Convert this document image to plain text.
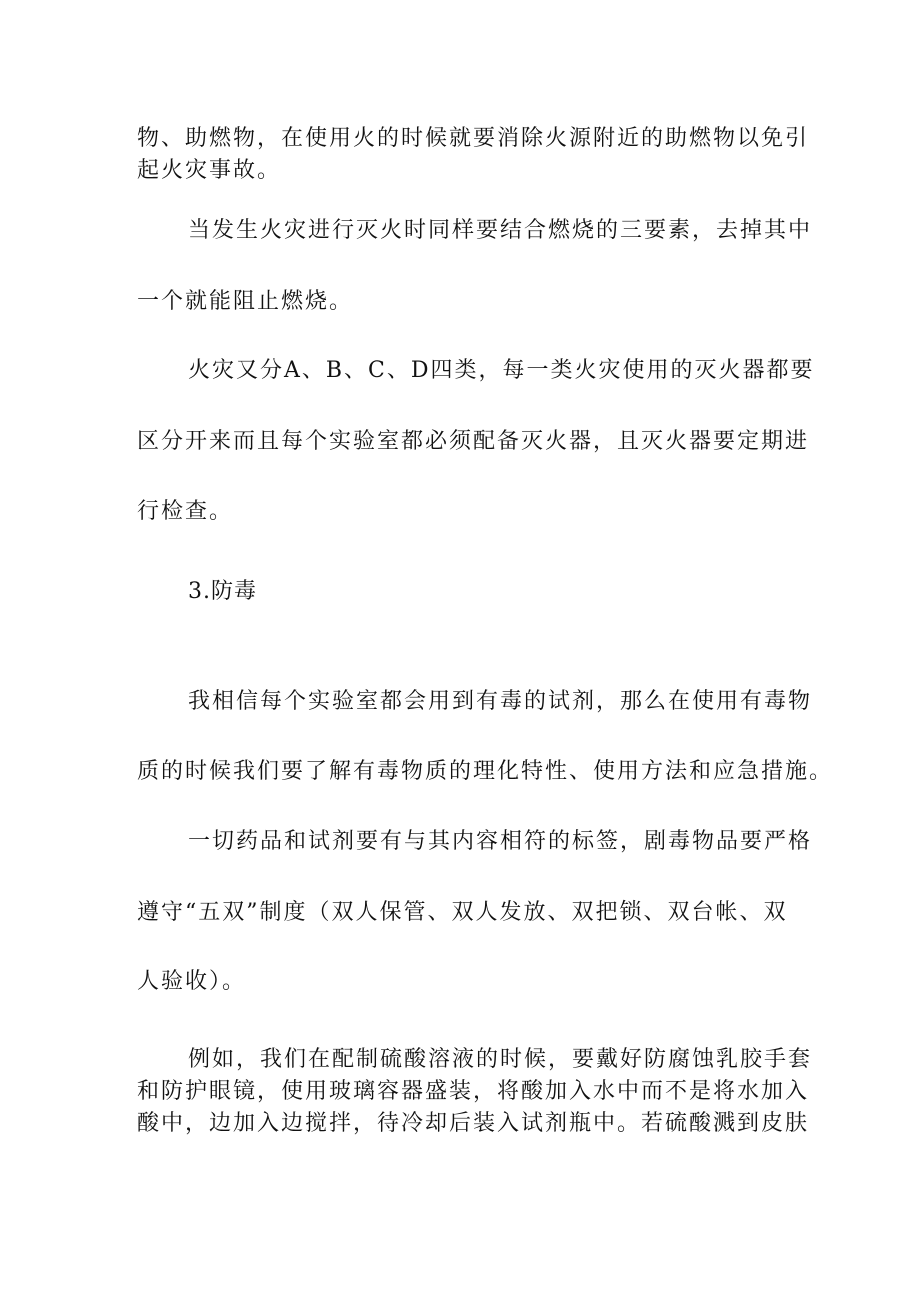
物、助燃物，在使用火的时候就要消除火源附近的助燃物以免引
起火灾事故。
当发生火灾进行灭火时同样要结合燃烧的三要素，去掉其中
一个就能阻止燃烧。
火灾又分A、B、C、D四类，每一类火灾使用的灭火器都要
区分开来而且每个实验室都必须配备灭火器，且灭火器要定期进
行检查。
3.防毒
我相信每个实验室都会用到有毒的试剂，那么在使用有毒物
质的时候我们要了解有毒物质的理化特性、使用方法和应急措施。
一切药品和试剂要有与其内容相符的标签，剧毒物品要严格
遵守“五双”制度（双人保管、双人发放、双把锁、双台帐、双
人验收）。
例如，我们在配制硫酸溶液的时候，要戴好防腐蚀乳胶手套
和防护眼镜，使用玻璃容器盛装，将酸加入水中而不是将水加入
酸中，边加入边搅拌，待冷却后装入试剂瓶中。若硫酸溅到皮肤
